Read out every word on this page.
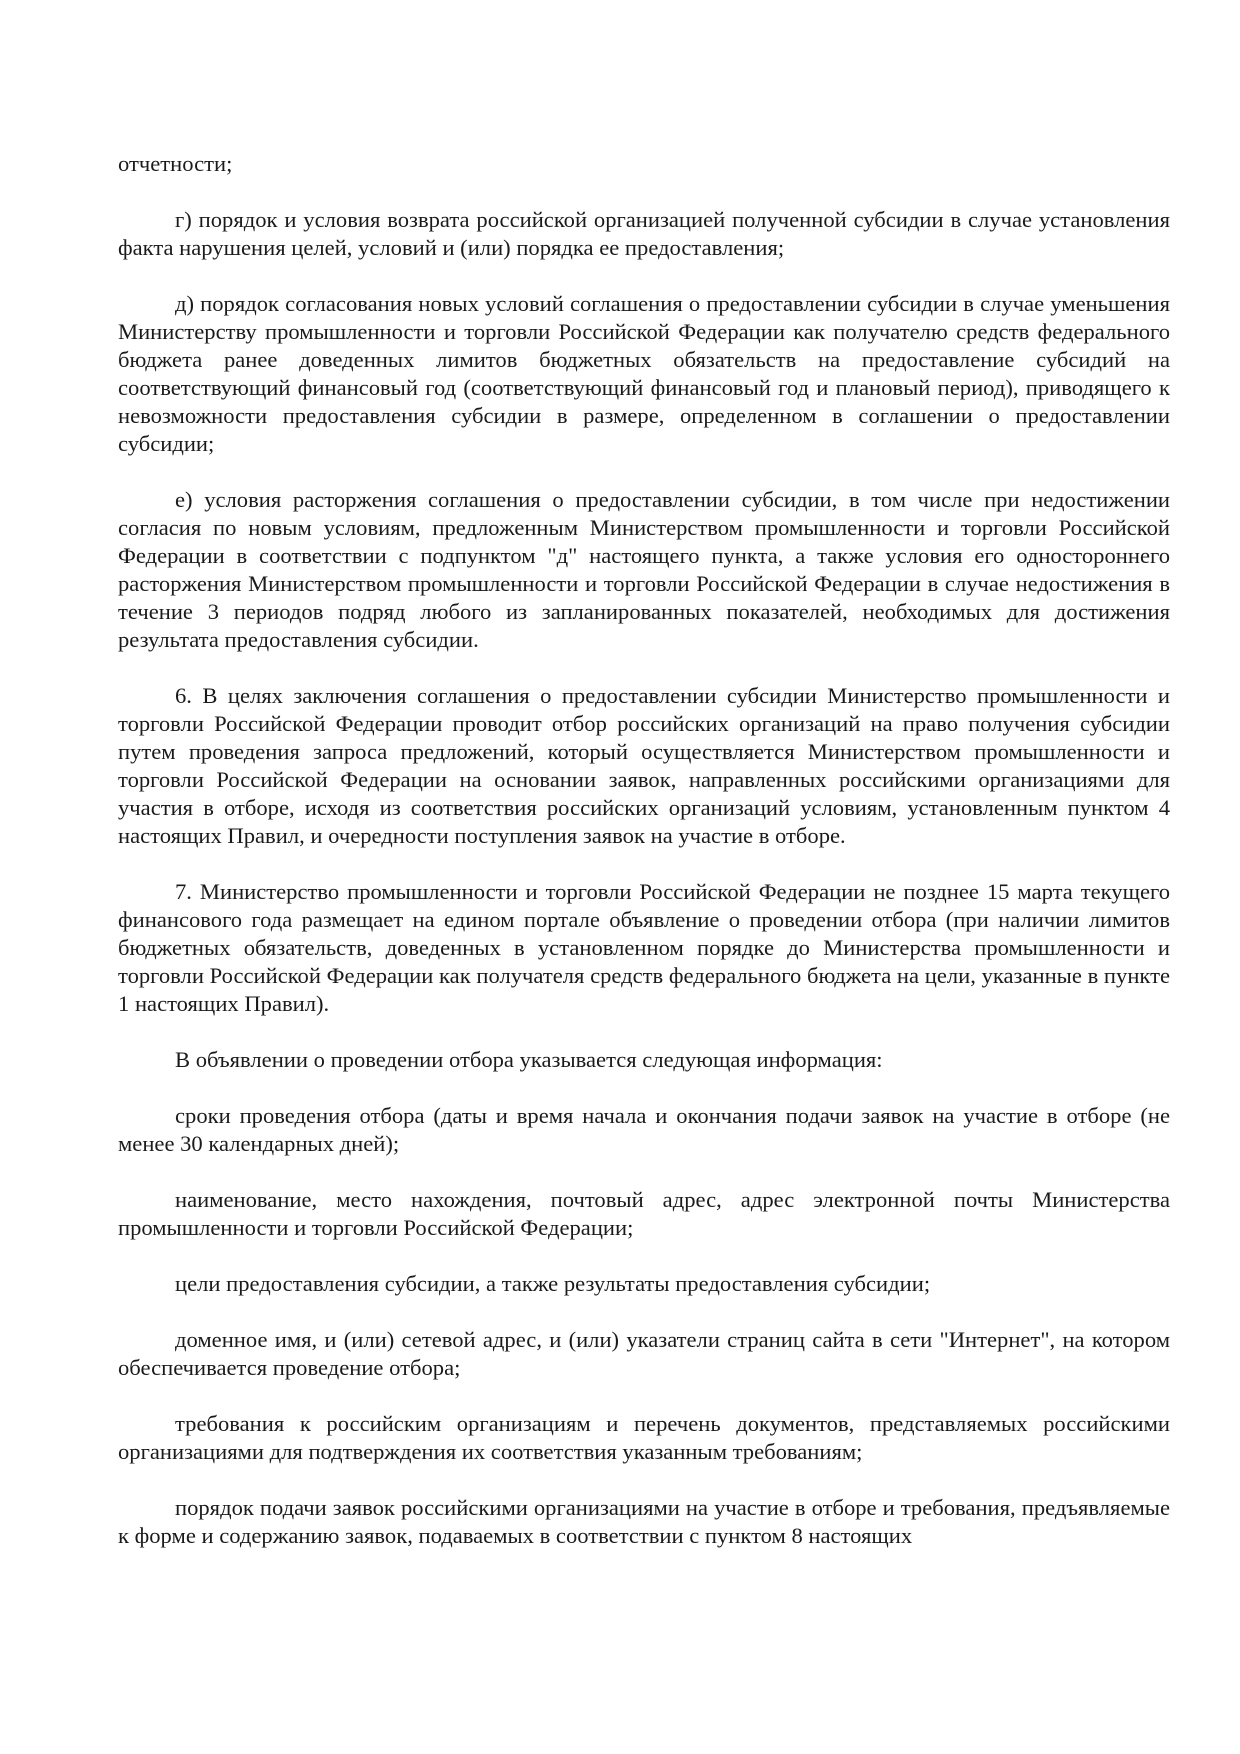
отчетности;

г) порядок и условия возврата российской организацией полученной субсидии в случае установления факта нарушения целей, условий и (или) порядка ее предоставления;

д) порядок согласования новых условий соглашения о предоставлении субсидии в случае уменьшения Министерству промышленности и торговли Российской Федерации как получателю средств федерального бюджета ранее доведенных лимитов бюджетных обязательств на предоставление субсидий на соответствующий финансовый год (соответствующий финансовый год и плановый период), приводящего к невозможности предоставления субсидии в размере, определенном в соглашении о предоставлении субсидии;

е) условия расторжения соглашения о предоставлении субсидии, в том числе при недостижении согласия по новым условиям, предложенным Министерством промышленности и торговли Российской Федерации в соответствии с подпунктом "д" настоящего пункта, а также условия его одностороннего расторжения Министерством промышленности и торговли Российской Федерации в случае недостижения в течение 3 периодов подряд любого из запланированных показателей, необходимых для достижения результата предоставления субсидии.

6. В целях заключения соглашения о предоставлении субсидии Министерство промышленности и торговли Российской Федерации проводит отбор российских организаций на право получения субсидии путем проведения запроса предложений, который осуществляется Министерством промышленности и торговли Российской Федерации на основании заявок, направленных российскими организациями для участия в отборе, исходя из соответствия российских организаций условиям, установленным пунктом 4 настоящих Правил, и очередности поступления заявок на участие в отборе.

7. Министерство промышленности и торговли Российской Федерации не позднее 15 марта текущего финансового года размещает на едином портале объявление о проведении отбора (при наличии лимитов бюджетных обязательств, доведенных в установленном порядке до Министерства промышленности и торговли Российской Федерации как получателя средств федерального бюджета на цели, указанные в пункте 1 настоящих Правил).

В объявлении о проведении отбора указывается следующая информация:

сроки проведения отбора (даты и время начала и окончания подачи заявок на участие в отборе (не менее 30 календарных дней);

наименование, место нахождения, почтовый адрес, адрес электронной почты Министерства промышленности и торговли Российской Федерации;

цели предоставления субсидии, а также результаты предоставления субсидии;

доменное имя, и (или) сетевой адрес, и (или) указатели страниц сайта в сети "Интернет", на котором обеспечивается проведение отбора;

требования к российским организациям и перечень документов, представляемых российскими организациями для подтверждения их соответствия указанным требованиям;

порядок подачи заявок российскими организациями на участие в отборе и требования, предъявляемые к форме и содержанию заявок, подаваемых в соответствии с пунктом 8 настоящих
